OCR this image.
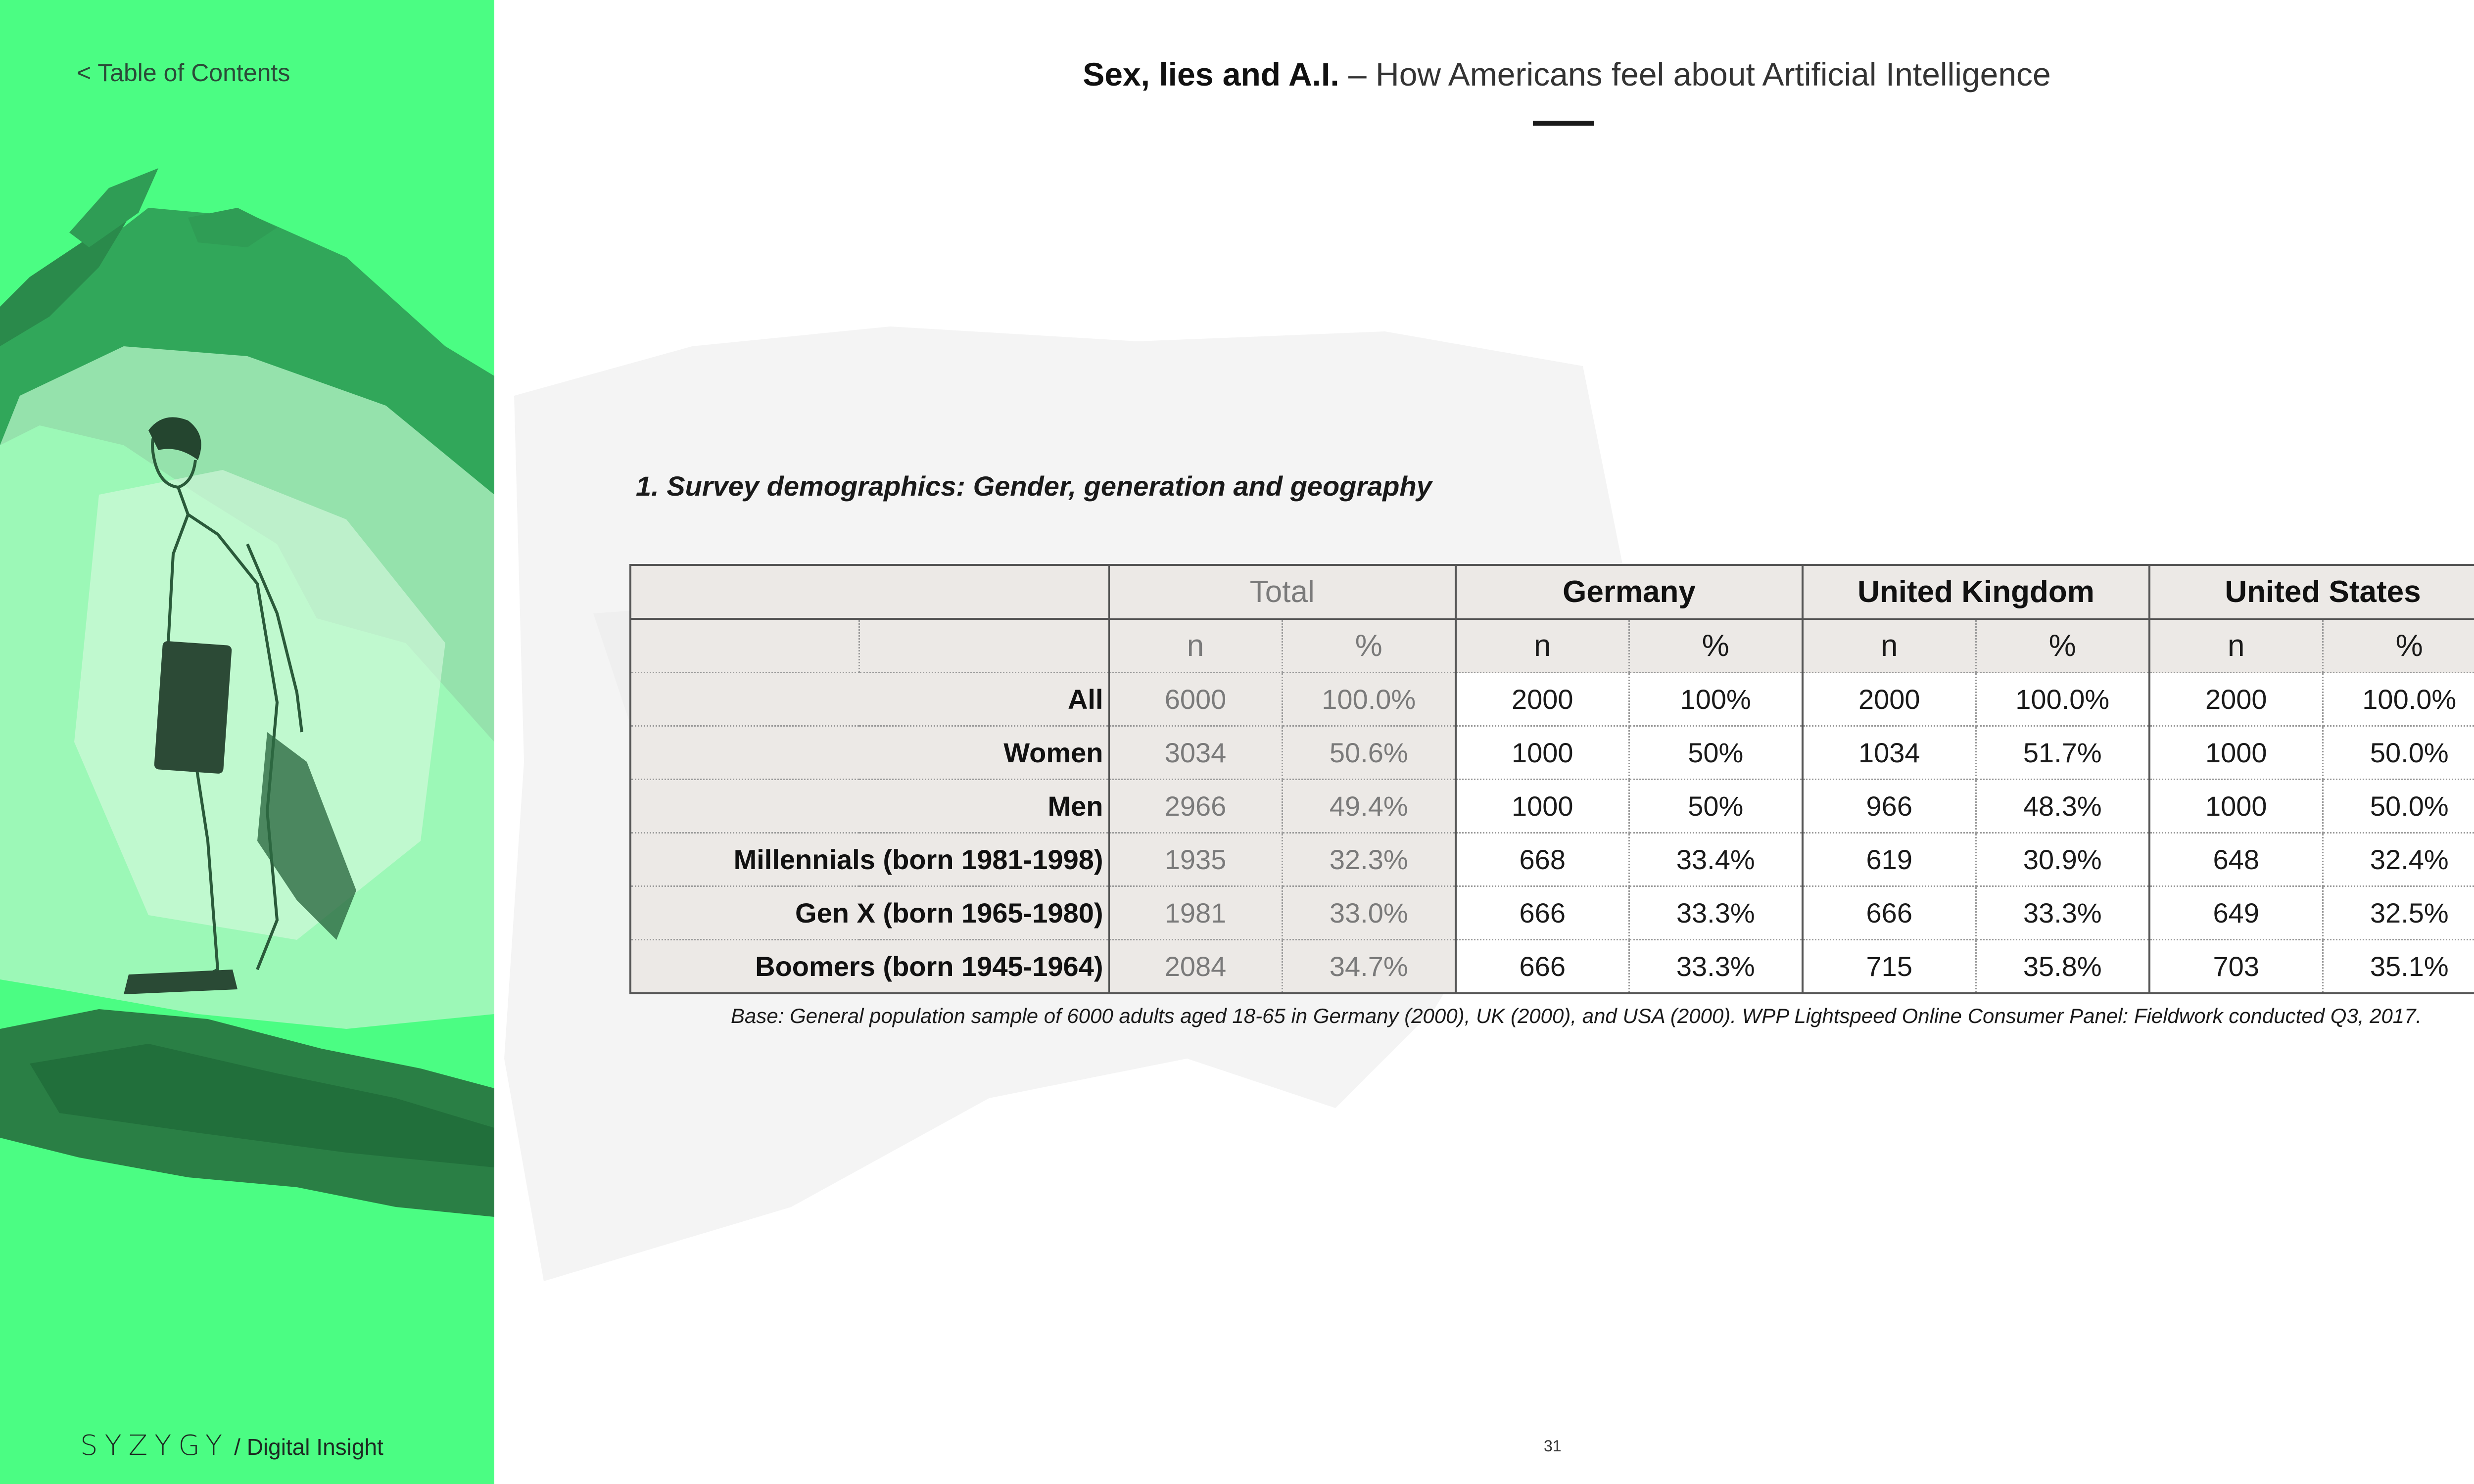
< Table of Contents
SYZYGY / Digital Insight
Sex, lies and A.I. – How Americans feel about Artificial Intelligence
1. Survey demographics: Gender, generation and geography
		Total		Germany		United Kingdom		United States	
		n	%	n	%	n	%	n	%
All		6000	100.0%	2000	100%	2000	100.0%	2000	100.0%
Women		3034	50.6%	1000	50%	1034	51.7%	1000	50.0%
Men		2966	49.4%	1000	50%	966	48.3%	1000	50.0%
Millennials (born 1981-1998)		1935	32.3%	668	33.4%	619	30.9%	648	32.4%
Gen X (born 1965-1980)		1981	33.0%	666	33.3%	666	33.3%	649	32.5%
Boomers (born 1945-1964)		2084	34.7%	666	33.3%	715	35.8%	703	35.1%
Base: General population sample of 6000 adults aged 18-65 in Germany (2000), UK (2000), and USA (2000). WPP Lightspeed Online Consumer Panel: Fieldwork conducted Q3, 2017.
31
